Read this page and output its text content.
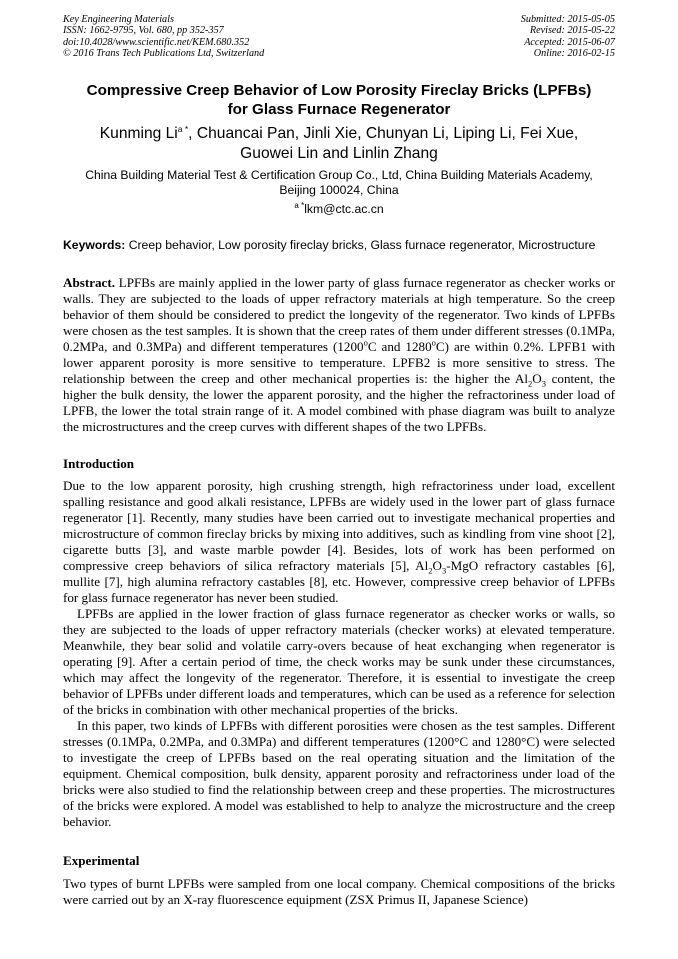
Key Engineering Materials
ISSN: 1662-9795, Vol. 680, pp 352-357
doi:10.4028/www.scientific.net/KEM.680.352
© 2016 Trans Tech Publications Ltd, Switzerland
Submitted: 2015-05-05
Revised: 2015-05-22
Accepted: 2015-06-07
Online: 2016-02-15
Compressive Creep Behavior of Low Porosity Fireclay Bricks (LPFBs)
for Glass Furnace Regenerator
Kunming $Li^{a *}$, Chuancai Pan, Jinli Xie, Chunyan Li, Liping Li, Fei Xue,
Guowei Lin and Linlin Zhang
China Building Material Test & Certification Group Co., Ltd, China Building Materials Academy,
Beijing 100024, China
$^{a *}$lkm@ctc.ac.cn
Keywords: Creep behavior, Low porosity fireclay bricks, Glass furnace regenerator, Microstructure

Abstract. LPFBs are mainly applied in the lower party of glass furnace regenerator as checker works or walls. They are subjected to the loads of upper refractory materials at high temperature. So the creep behavior of them should be considered to predict the longevity of the regenerator. Two kinds of LPFBs were chosen as the test samples. It is shown that the creep rates of them under different stresses (0.1MPa, 0.2MPa, and 0.3MPa) and different temperatures (1200$^o$C and 1280$^o$C) are within 0.2%. LPFB1 with lower apparent porosity is more sensitive to temperature. LPFB2 is more sensitive to stress. The relationship between the creep and other mechanical properties is: the higher the $Al_2O_3$ content, the higher the bulk density, the lower the apparent porosity, and the higher the refractoriness under load of LPFB, the lower the total strain range of it. A model combined with phase diagram was built to analyze the microstructures and the creep curves with different shapes of the two LPFBs.

Introduction

Due to the low apparent porosity, high crushing strength, high refractoriness under load, excellent spalling resistance and good alkali resistance, LPFBs are widely used in the lower part of glass furnace regenerator [1]. Recently, many studies have been carried out to investigate mechanical properties and microstructure of common fireclay bricks by mixing into additives, such as kindling from vine shoot [2], cigarette butts [3], and waste marble powder [4]. Besides, lots of work has been performed on compressive creep behaviors of silica refractory materials [5], $Al_2O_3$-MgO refractory castables [6], mullite [7], high alumina refractory castables [8], etc. However, compressive creep behavior of LPFBs for glass furnace regenerator has never been studied.

LPFBs are applied in the lower fraction of glass furnace regenerator as checker works or walls, so they are subjected to the loads of upper refractory materials (checker works) at elevated temperature. Meanwhile, they bear solid and volatile carry-overs because of heat exchanging when regenerator is operating [9]. After a certain period of time, the check works may be sunk under these circumstances, which may affect the longevity of the regenerator. Therefore, it is essential to investigate the creep behavior of LPFBs under different loads and temperatures, which can be used as a reference for selection of the bricks in combination with other mechanical properties of the bricks.

In this paper, two kinds of LPFBs with different porosities were chosen as the test samples. Different stresses (0.1MPa, 0.2MPa, and 0.3MPa) and different temperatures (1200°C and 1280°C) were selected to investigate the creep of LPFBs based on the real operating situation and the limitation of the equipment. Chemical composition, bulk density, apparent porosity and refractoriness under load of the bricks were also studied to find the relationship between creep and these properties. The microstructures of the bricks were explored. A model was established to help to analyze the microstructure and the creep behavior.

Experimental

Two types of burnt LPFBs were sampled from one local company. Chemical compositions of the bricks were carried out by an X-ray fluorescence equipment (ZSX Primus II, Japanese Science)
